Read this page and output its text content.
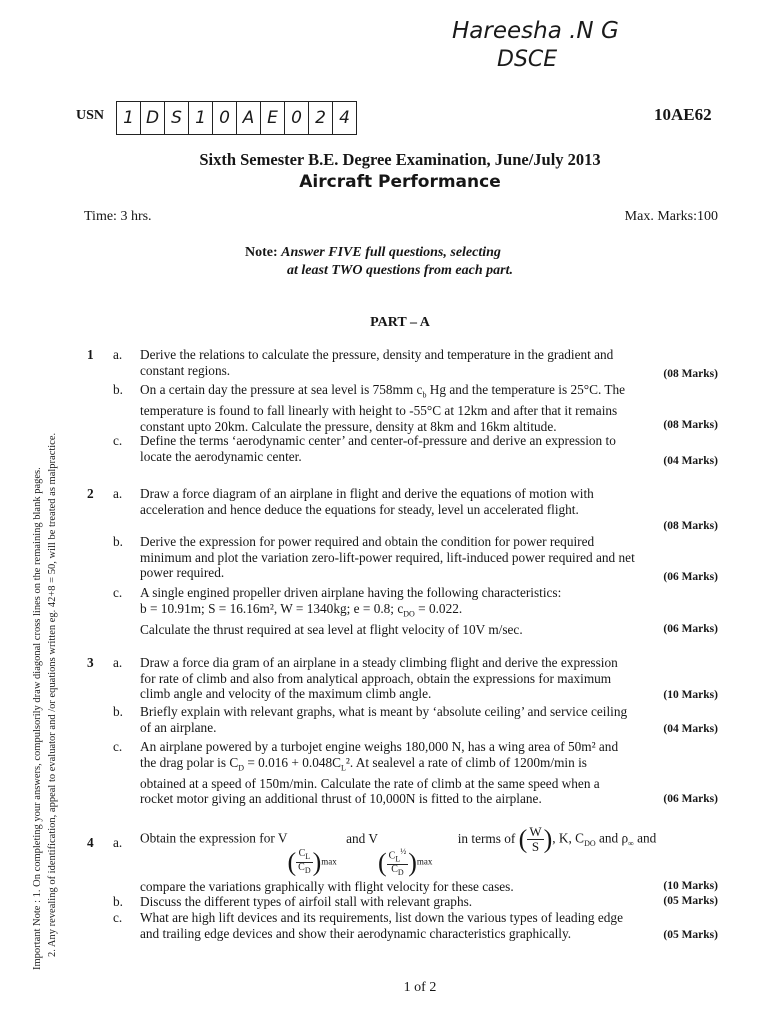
Hareesha .N G
DSCE
USN	1 D S 1 0 A E 0 2 4	10AE62
Sixth Semester B.E. Degree Examination, June/July 2013
Aircraft Performance
Time: 3 hrs.	Max. Marks:100
Note: Answer FIVE full questions, selecting
at least TWO questions from each part.
PART – A
Important Note : 1. On completing your answers, compulsorily draw diagonal cross lines on the remaining blank pages. 2. Any revealing of identification, appeal to evaluator and /or equations written eg. 42+8 = 50, will be treated as malpractice.
1 a. Derive the relations to calculate the pressure, density and temperature in the gradient and
constant regions.	(08 Marks)
b. On a certain day the pressure at sea level is 758mm $c_b$ Hg and the temperature is 25°C. The
temperature is found to fall linearly with height to -55°C at 12km and after that it remains
constant upto 20km. Calculate the pressure, density at 8km and 16km altitude.	(08 Marks)
c. Define the terms ‘aerodynamic center’ and center-of-pressure and derive an expression to
locate the aerodynamic center.	(04 Marks)
2 a. Draw a force diagram of an airplane in flight and derive the equations of motion with
acceleration and hence deduce the equations for steady, level un accelerated flight.
(08 Marks)
b. Derive the expression for power required and obtain the condition for power required
minimum and plot the variation zero-lift-power required, lift-induced power required and net
power required.	(06 Marks)
c. A single engined propeller driven airplane having the following characteristics:
b = 10.91m; S = 16.16m², W = 1340kg; e = 0.8; $c_{DO} = 0.022$.
Calculate the thrust required at sea level at flight velocity of 10V m/sec.	(06 Marks)
3 a. Draw a force dia gram of an airplane in a steady climbing flight and derive the expression
for rate of climb and also from analytical approach, obtain the expressions for maximum
climb angle and velocity of the maximum climb angle.	(10 Marks)
b. Briefly explain with relevant graphs, what is meant by ‘absolute ceiling’ and service ceiling
of an airplane.	(04 Marks)
c. An airplane powered by a turbojet engine weighs 180,000 N, has a wing area of 50m² and
the drag polar is $C_D = 0.016 + 0.048C_L^2$. At sealevel a rate of climb of 1200m/min is
obtained at a speed of 150m/min. Calculate the rate of climb at the same speed when a
rocket motor giving an additional thrust of 10,000N is fitted to the airplane.	(06 Marks)
4 a. Obtain the expression for $V( \frac{C_L}{C_D} )\max$ and $V( \frac{C_L^{\frac{1}{2}}}{C_D} )\max$ in terms of ( $\frac{W}{S}$ ), K, $C_{DO}$ and $\rho_\infty$ and
compare the variations graphically with flight velocity for these cases.	(10 Marks)
b. Discuss the different types of airfoil stall with relevant graphs.	(05 Marks)
c. What are high lift devices and its requirements, list down the various types of leading edge
and trailing edge devices and show their aerodynamic characteristics graphically.	(05 Marks)
1 of 2
